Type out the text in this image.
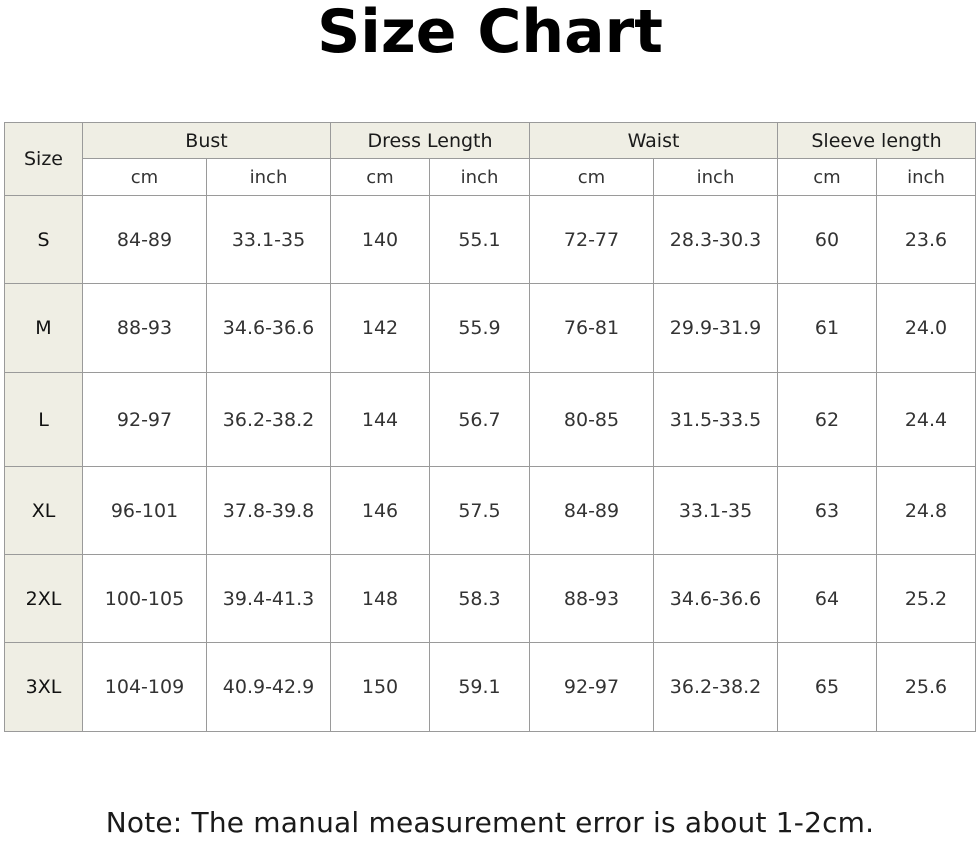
Size Chart
Size	Bust		Dress Length		Waist		Sleeve length	
	cm	inch	cm	inch	cm	inch	cm	inch
S	84-89	33.1-35	140	55.1	72-77	28.3-30.3	60	23.6
M	88-93	34.6-36.6	142	55.9	76-81	29.9-31.9	61	24.0
L	92-97	36.2-38.2	144	56.7	80-85	31.5-33.5	62	24.4
XL	96-101	37.8-39.8	146	57.5	84-89	33.1-35	63	24.8
2XL	100-105	39.4-41.3	148	58.3	88-93	34.6-36.6	64	25.2
3XL	104-109	40.9-42.9	150	59.1	92-97	36.2-38.2	65	25.6
Note: The manual measurement error is about 1-2cm.
